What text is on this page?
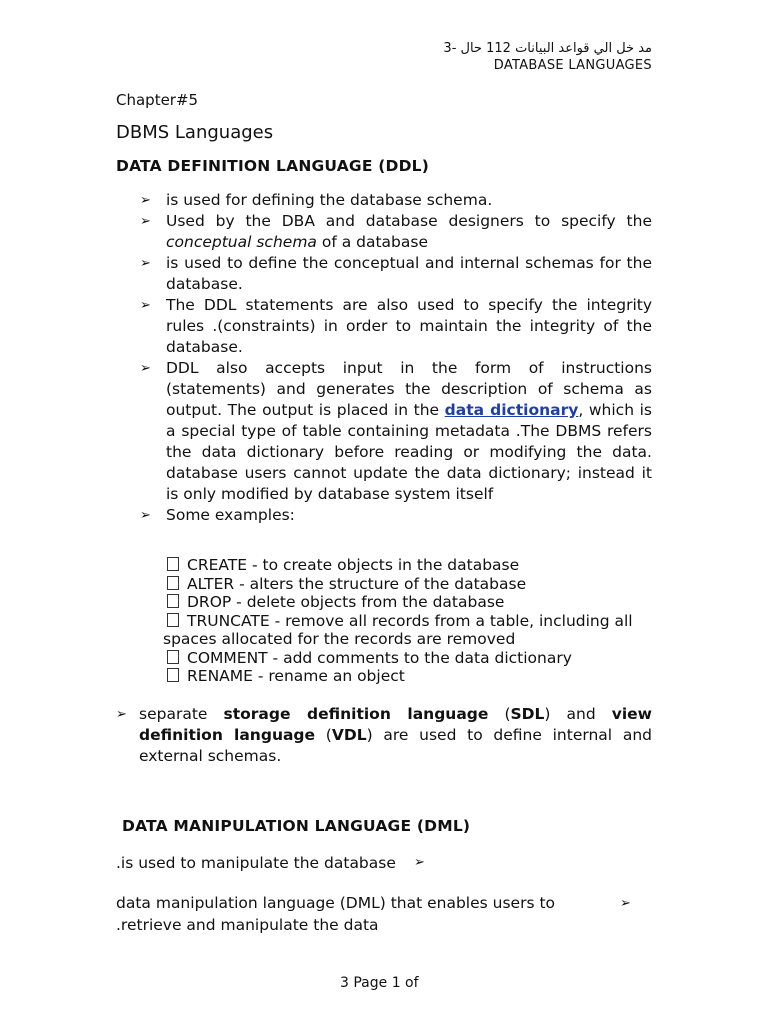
مد خل الي قواعد البيانات 112 حال -3
DATABASE LANGUAGES
Chapter#5
DBMS Languages
DATA DEFINITION LANGUAGE (DDL)
➢ is used for defining the database schema.
➢ Used by the DBA and database designers to specify the conceptual schema of a database
➢ is used to define the conceptual and internal schemas for the database.
➢ The DDL statements are also used to specify the integrity rules .(constraints) in order to maintain the integrity of the database.
➢ DDL also accepts input in the form of instructions (statements) and generates the description of schema as output. The output is placed in the data dictionary, which is a special type of table containing metadata .The DBMS refers the data dictionary before reading or modifying the data. database users cannot update the data dictionary; instead it is only modified by database system itself
➢ Some examples:
CREATE - to create objects in the database
ALTER - alters the structure of the database
DROP - delete objects from the database
TRUNCATE - remove all records from a table, including all spaces allocated for the records are removed
COMMENT - add comments to the data dictionary
RENAME - rename an object
➢ separate storage definition language (SDL) and view definition language (VDL) are used to define internal and external schemas.
DATA MANIPULATION LANGUAGE (DML)
.is used to manipulate the database ➢
data manipulation language (DML) that enables users to
.retrieve and manipulate the data
➢
3 Page 1 of
